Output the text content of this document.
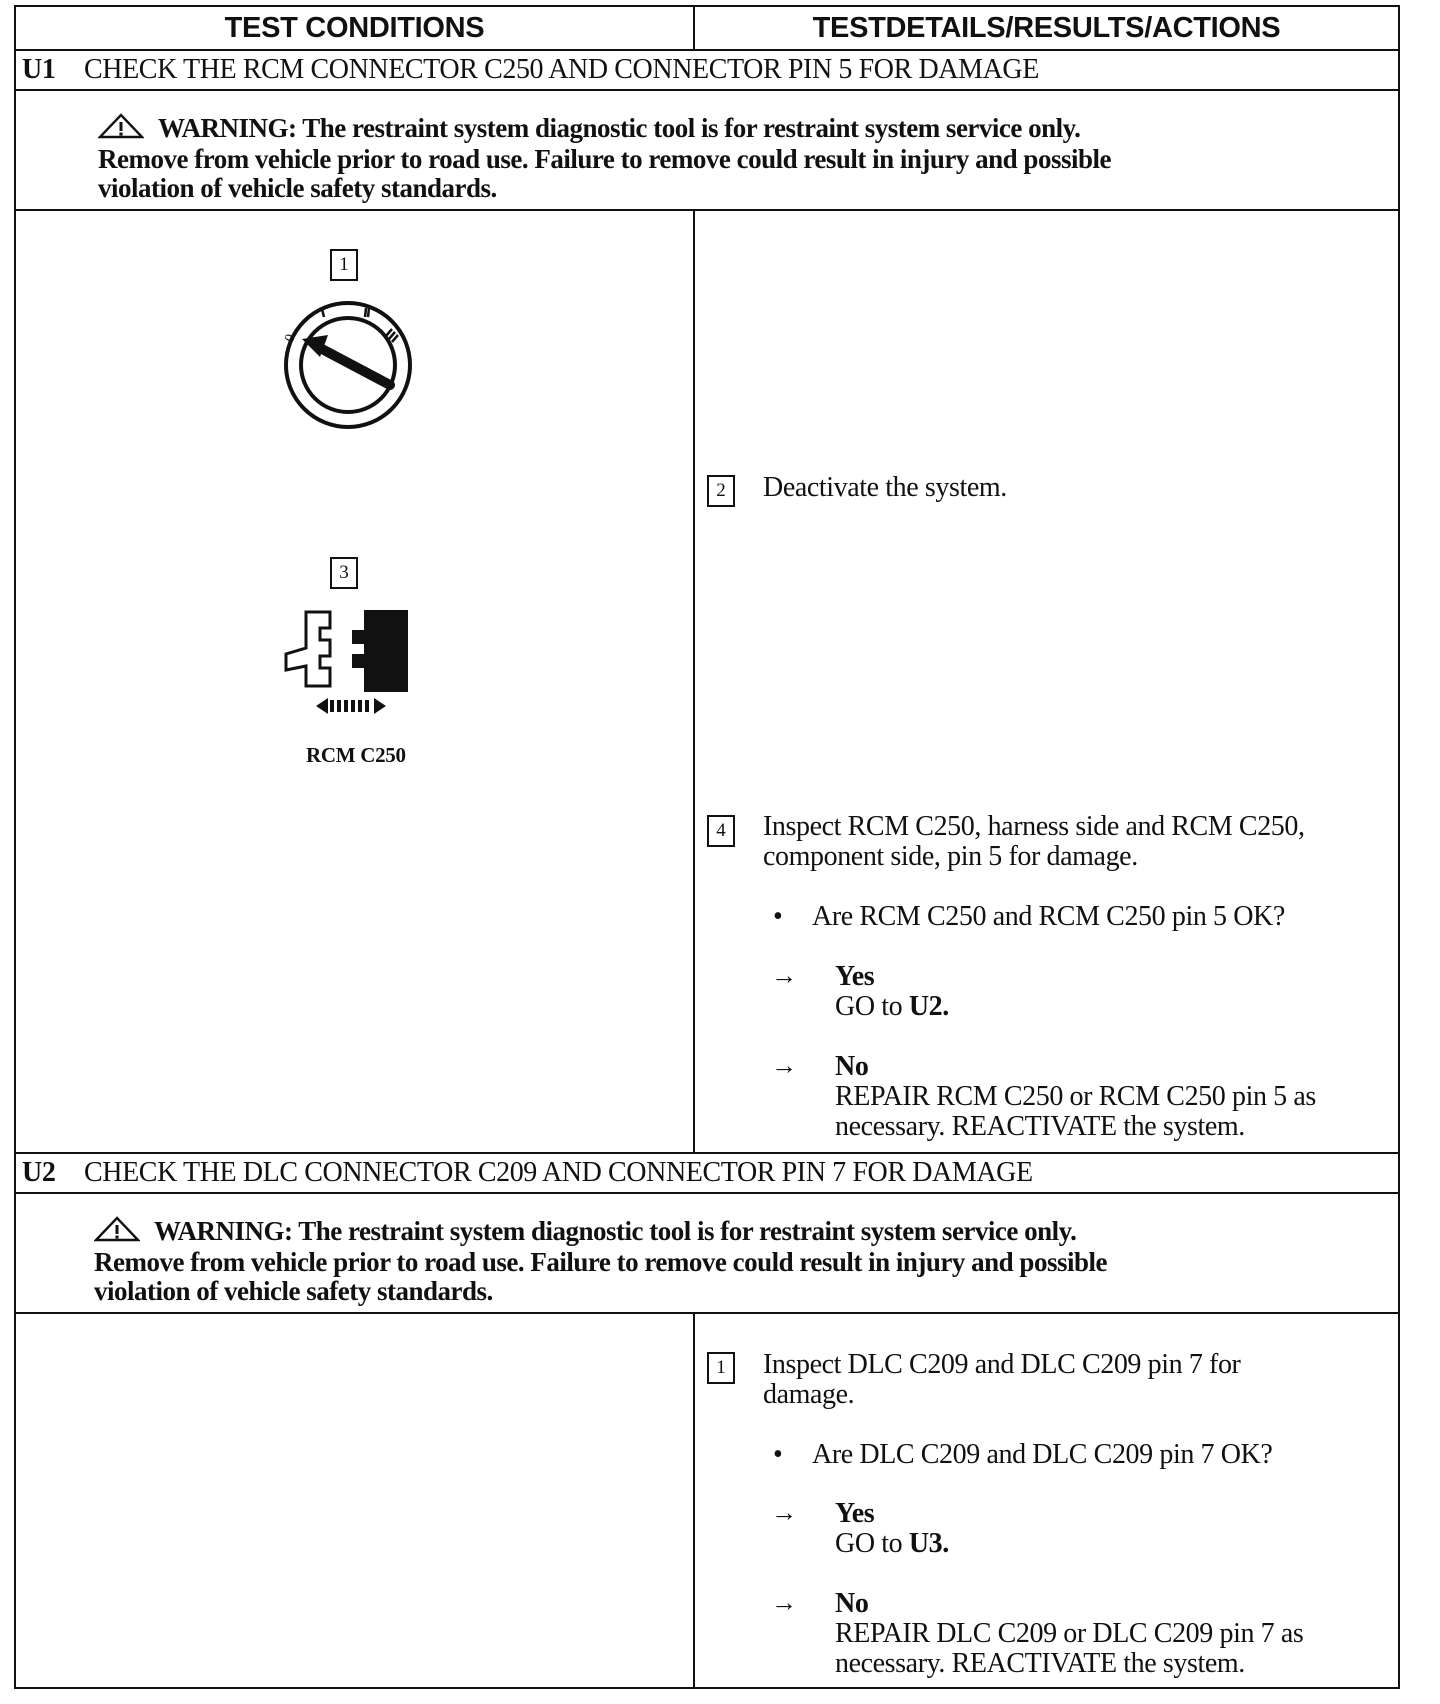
TEST CONDITIONS	TESTDETAILS/RESULTS/ACTIONS
U1	CHECK THE RCM CONNECTOR C250 AND CONNECTOR PIN 5 FOR DAMAGE
WARNING: The restraint system diagnostic tool is for restraint system service only.
Remove from vehicle prior to road use. Failure to remove could result in injury and possible
violation of vehicle safety standards.
1
0
3
RCM C250
2	Deactivate the system.
4	Inspect RCM C250, harness side and RCM C250,
component side, pin 5 for damage.
• Are RCM C250 and RCM C250 pin 5 OK?
→ Yes
GO to U2.
→ No
REPAIR RCM C250 or RCM C250 pin 5 as
necessary. REACTIVATE the system.
U2	CHECK THE DLC CONNECTOR C209 AND CONNECTOR PIN 7 FOR DAMAGE
WARNING: The restraint system diagnostic tool is for restraint system service only.
Remove from vehicle prior to road use. Failure to remove could result in injury and possible
violation of vehicle safety standards.
1	Inspect DLC C209 and DLC C209 pin 7 for
damage.
• Are DLC C209 and DLC C209 pin 7 OK?
→ Yes
GO to U3.
→ No
REPAIR DLC C209 or DLC C209 pin 7 as
necessary. REACTIVATE the system.
